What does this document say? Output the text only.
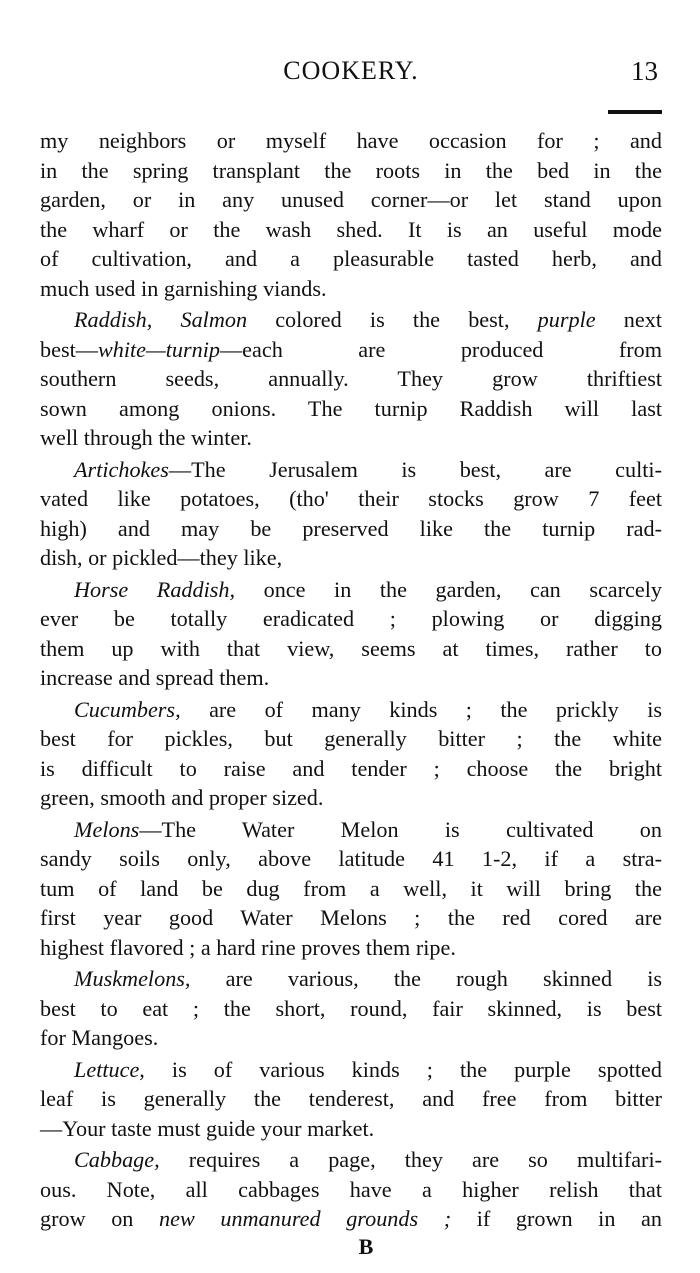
COOKERY.	13
my neighbors or myself have occasion for ; and
in the spring transplant the roots in the bed in the
garden, or in any unused corner—or let stand upon
the wharf or the wash shed. It is an useful mode
of cultivation, and a pleasurable tasted herb, and
much used in garnishing viands.
Raddish, Salmon colored is the best, purple next
best—white—turnip—each are produced from
southern seeds, annually. They grow thriftiest
sown among onions. The turnip Raddish will last
well through the winter.
Artichokes—The Jerusalem is best, are culti-
vated like potatoes, (tho' their stocks grow 7 feet
high) and may be preserved like the turnip rad-
dish, or pickled—they like,
Horse Raddish, once in the garden, can scarcely
ever be totally eradicated ; plowing or digging
them up with that view, seems at times, rather to
increase and spread them.
Cucumbers, are of many kinds ; the prickly is
best for pickles, but generally bitter ; the white
is difficult to raise and tender ; choose the bright
green, smooth and proper sized.
Melons—The Water Melon is cultivated on
sandy soils only, above latitude 41 1-2, if a stra-
tum of land be dug from a well, it will bring the
first year good Water Melons ; the red cored are
highest flavored ; a hard rine proves them ripe.
Muskmelons, are various, the rough skinned is
best to eat ; the short, round, fair skinned, is best
for Mangoes.
Lettuce, is of various kinds ; the purple spotted
leaf is generally the tenderest, and free from bitter
—Your taste must guide your market.
Cabbage, requires a page, they are so multifari-
ous. Note, all cabbages have a higher relish that
grow on new unmanured grounds ; if grown in an
B
